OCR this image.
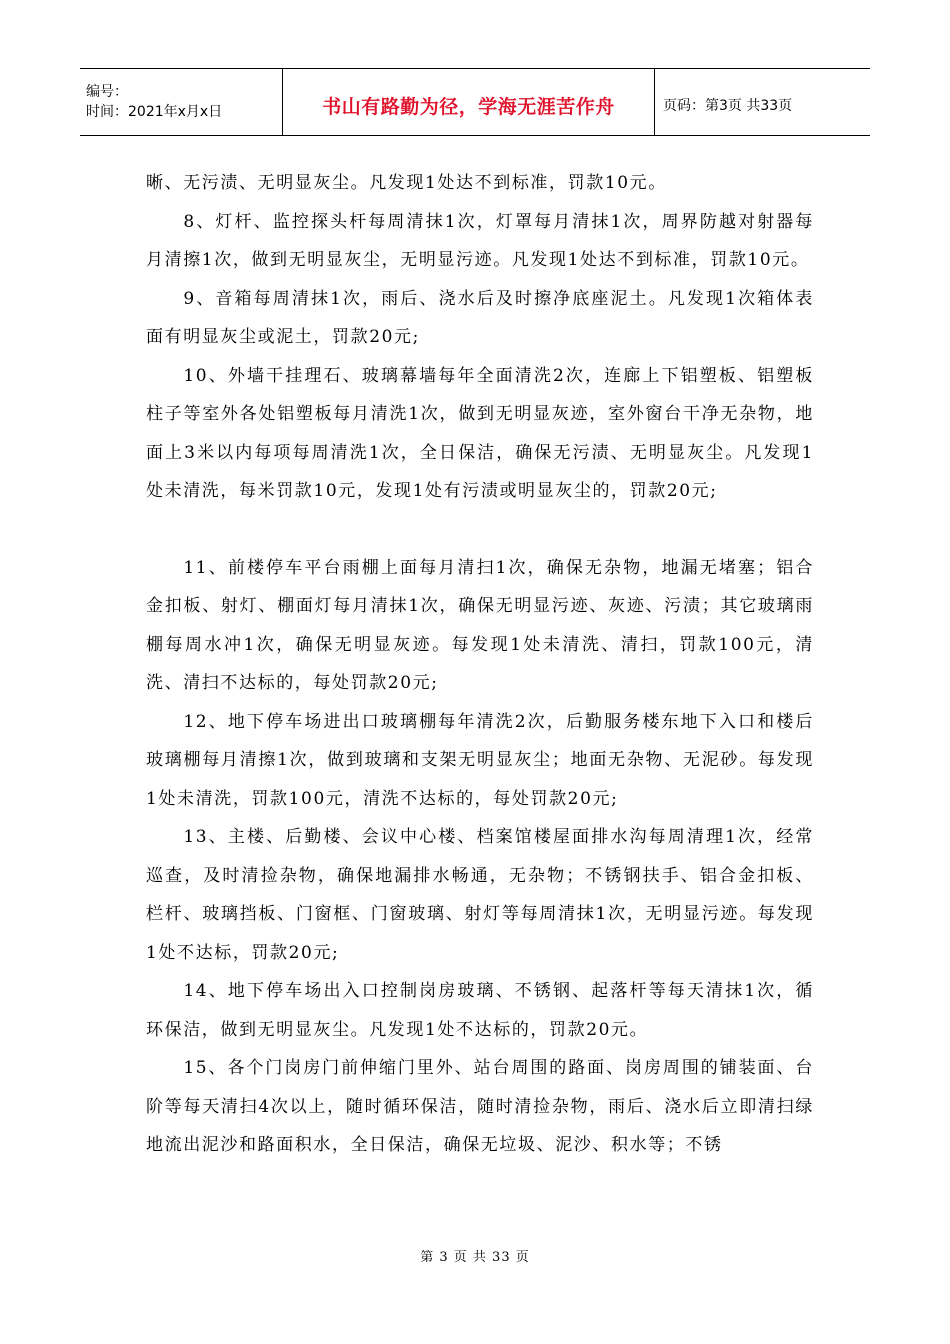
编号：
时间：2021年x月x日	书山有路勤为径，学海无涯苦作舟	页码：第3页 共33页

晰、无污渍、无明显灰尘。凡发现1处达不到标准，罚款10元。

8、灯杆、监控探头杆每周清抹1次，灯罩每月清抹1次，周界防越对射器每月清擦1次，做到无明显灰尘，无明显污迹。凡发现1处达不到标准，罚款10元。

9、音箱每周清抹1次，雨后、浇水后及时擦净底座泥土。凡发现1次箱体表面有明显灰尘或泥土，罚款20元;

10、外墙干挂理石、玻璃幕墙每年全面清洗2次，连廊上下铝塑板、铝塑板柱子等室外各处铝塑板每月清洗1次，做到无明显灰迹，室外窗台干净无杂物，地面上3米以内每项每周清洗1次，全日保洁，确保无污渍、无明显灰尘。凡发现1处未清洗，每米罚款10元，发现1处有污渍或明显灰尘的，罚款20元;

11、前楼停车平台雨棚上面每月清扫1次，确保无杂物，地漏无堵塞；铝合金扣板、射灯、棚面灯每月清抹1次，确保无明显污迹、灰迹、污渍；其它玻璃雨棚每周水冲1次，确保无明显灰迹。每发现1处未清洗、清扫，罚款100元，清洗、清扫不达标的，每处罚款20元;

12、地下停车场进出口玻璃棚每年清洗2次，后勤服务楼东地下入口和楼后玻璃棚每月清擦1次，做到玻璃和支架无明显灰尘；地面无杂物、无泥砂。每发现1处未清洗，罚款100元，清洗不达标的，每处罚款20元;

13、主楼、后勤楼、会议中心楼、档案馆楼屋面排水沟每周清理1次，经常巡查，及时清捡杂物，确保地漏排水畅通，无杂物；不锈钢扶手、铝合金扣板、栏杆、玻璃挡板、门窗框、门窗玻璃、射灯等每周清抹1次，无明显污迹。每发现1处不达标，罚款20元;

14、地下停车场出入口控制岗房玻璃、不锈钢、起落杆等每天清抹1次，循环保洁，做到无明显灰尘。凡发现1处不达标的，罚款20元。

15、各个门岗房门前伸缩门里外、站台周围的路面、岗房周围的铺装面、台阶等每天清扫4次以上，随时循环保洁，随时清捡杂物，雨后、浇水后立即清扫绿地流出泥沙和路面积水，全日保洁，确保无垃圾、泥沙、积水等；不锈

第 3 页 共 33 页
